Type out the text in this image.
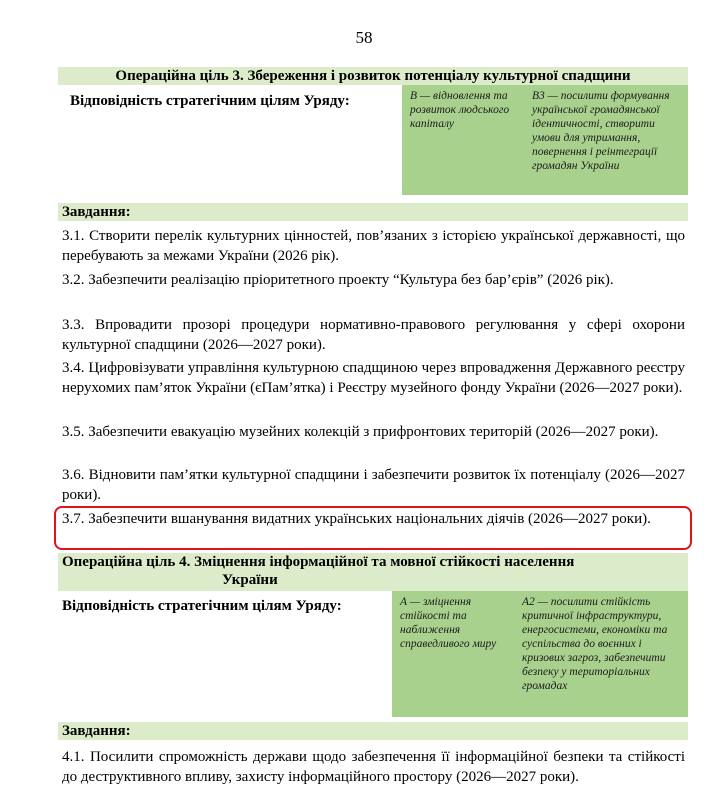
58
Операційна ціль 3. Збереження і розвиток потенціалу культурної спадщини
Відповідність стратегічним цілям Уряду:	В — відновлення та розвиток людського капіталу
В3 — посилити формування української громадянської ідентичності, створити умови для утримання, повернення і реінтеграції громадян України
Завдання:
3.1. Створити перелік культурних цінностей, пов’язаних з історією української державності, що перебувають за межами України (2026 рік).
3.2. Забезпечити реалізацію пріоритетного проекту “Культура без бар’єрів” (2026 рік).
3.3. Впровадити прозорі процедури нормативно-правового регулювання у сфері охорони культурної спадщини (2026—2027 роки).
3.4. Цифровізувати управління культурною спадщиною через впровадження Державного реєстру нерухомих пам’яток України (єПам’ятка) і Реєстру музейного фонду України (2026—2027 роки).
3.5. Забезпечити евакуацію музейних колекцій з прифронтових територій (2026—2027 роки).
3.6. Відновити пам’ятки культурної спадщини і забезпечити розвиток їх потенціалу (2026—2027 роки).
3.7. Забезпечити вшанування видатних українських національних діячів (2026—2027 роки).
Операційна ціль 4. Зміцнення інформаційної та мовної стійкості населення
України
Відповідність стратегічним цілям Уряду:	А — зміцнення стійкості та наближення справедливого миру
А2 — посилити стійкість критичної інфраструктури, енергосистеми, економіки та суспільства до воєнних і кризових загроз, забезпечити безпеку у територіальних громадах
Завдання:
4.1. Посилити спроможність держави щодо забезпечення її інформаційної безпеки та стійкості до деструктивного впливу, захисту інформаційного простору (2026—2027 роки).
